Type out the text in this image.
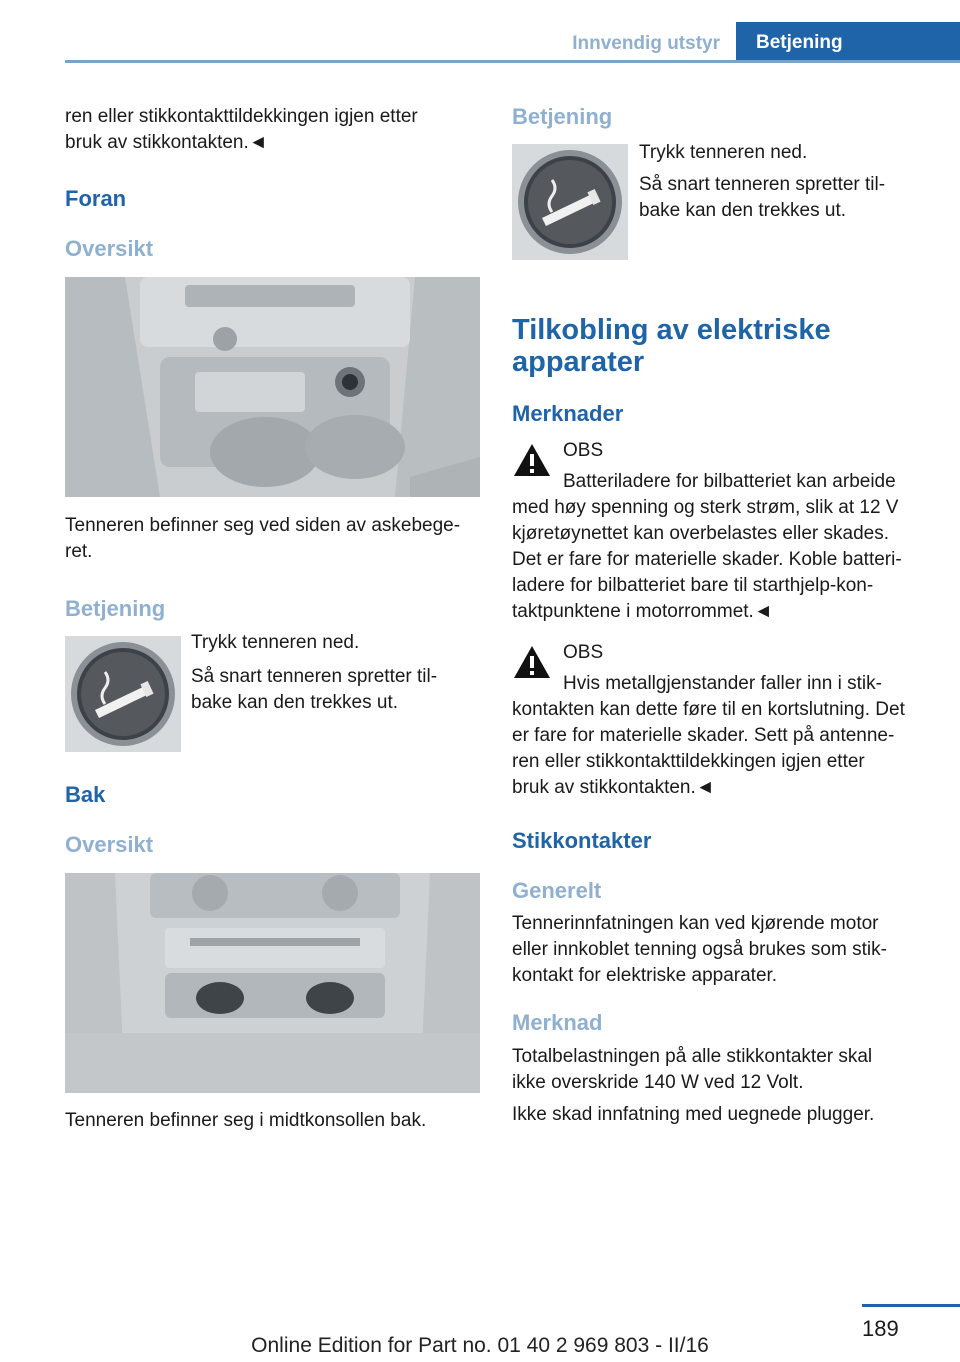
Innvendig utstyr	Betjening

ren eller stikkontakttildekkingen igjen etter

bruk av stikkontakten.◄

Foran
Oversikt

Tenneren befinner seg ved siden av askebege‐

ret.

Betjening

Trykk tenneren ned.

Så snart tenneren spretter til‐

bake kan den trekkes ut.

Bak
Oversikt

Tenneren befinner seg i midtkonsollen bak.

Betjening

Trykk tenneren ned.

Så snart tenneren spretter til‐

bake kan den trekkes ut.

Tilkobling av elektriske
apparater
Merknader

OBS

Batteriladere for bilbatteriet kan arbeide

med høy spenning og sterk strøm, slik at 12 V

kjøretøynettet kan overbelastes eller skades.

Det er fare for materielle skader. Koble batteri‐

ladere for bilbatteriet bare til starthjelp-kon‐

taktpunktene i motorrommet.◄

OBS

Hvis metallgjenstander faller inn i stik‐

kontakten kan dette føre til en kortslutning. Det

er fare for materielle skader. Sett på antenne‐

ren eller stikkontakttildekkingen igjen etter

bruk av stikkontakten.◄

Stikkontakter
Generelt

Tennerinnfatningen kan ved kjørende motor

eller innkoblet tenning også brukes som stik‐

kontakt for elektriske apparater.

Merknad

Totalbelastningen på alle stikkontakter skal

ikke overskride 140 W ved 12 Volt.

Ikke skad innfatning med uegnede plugger.

189
Online Edition for Part no. 01 40 2 969 803 - II/16
